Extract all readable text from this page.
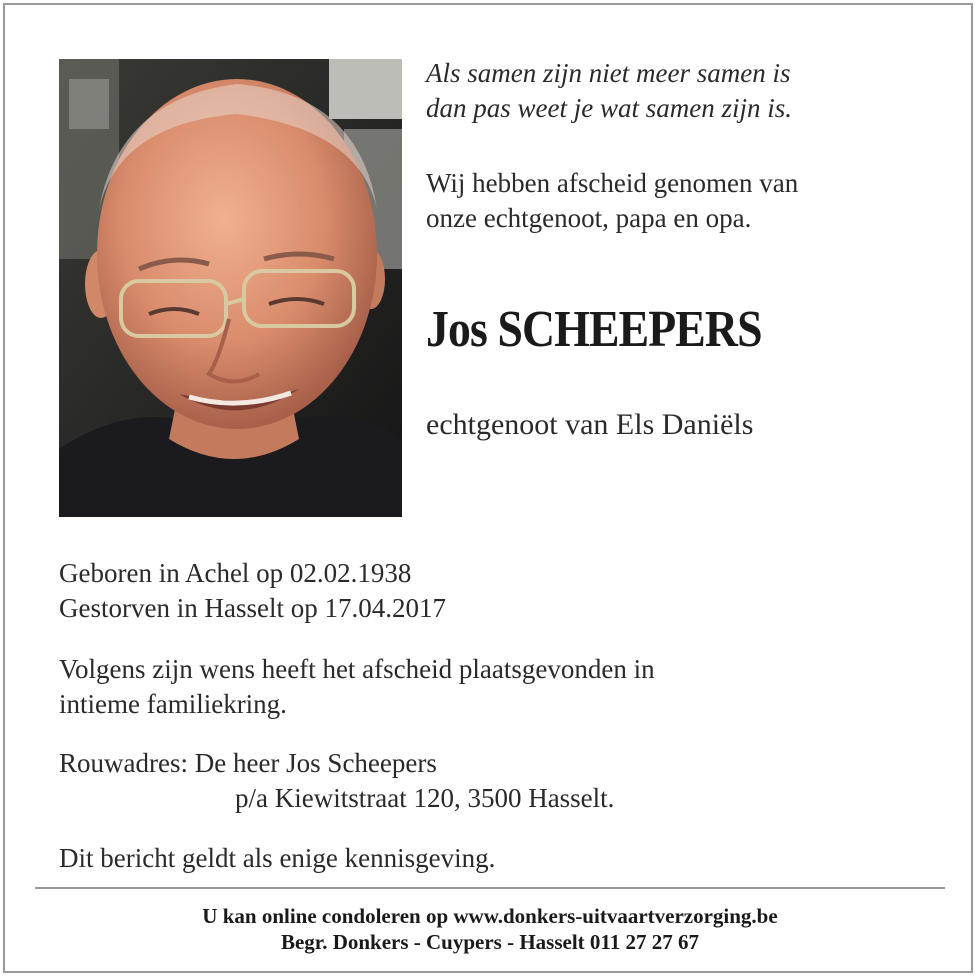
Als samen zijn niet meer samen is
dan pas weet je wat samen zijn is.
Wij hebben afscheid genomen van
onze echtgenoot, papa en opa.
Jos SCHEEPERS
echtgenoot van Els Daniëls
Geboren in Achel op 02.02.1938
Gestorven in Hasselt op 17.04.2017
Volgens zijn wens heeft het afscheid plaatsgevonden in
intieme familiekring.
Rouwadres: De heer Jos Scheepers
p/a Kiewitstraat 120, 3500 Hasselt.
Dit bericht geldt als enige kennisgeving.
U kan online condoleren op www.donkers-uitvaartverzorging.be
Begr. Donkers - Cuypers - Hasselt 011 27 27 67
